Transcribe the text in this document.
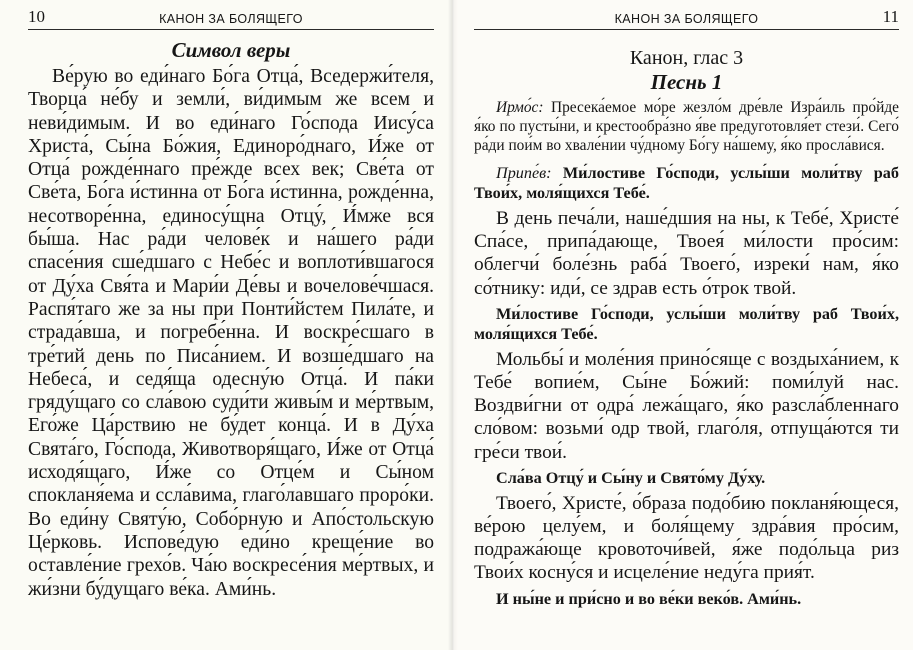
10	КАНОН ЗА БОЛЯЩЕГО
Символ веры

Ве́рую во еди́наго Бо́га Отца́, Вседержи́теля, Творца́ не́бу и земли́, ви́димым же всем и неви́димым. И во еди́наго Го́спода Иису́са Христа́, Сы́на Бо́жия, Единоро́днаго, И́же от Отца́ рожде́ннаго пре́жде всех век; Све́та от Све́та, Бо́га и́стинна от Бо́га и́стинна, рожде́нна, несотворе́нна, единосу́щна Отцу́, И́мже вся бы́ша. Нас ра́ди челове́к и на́шего ра́ди спасе́ния сше́дшаго с Небе́с и воплоти́вшагося от Ду́ха Свя́та и Мари́и Де́вы и вочелове́чшася. Распя́таго же за ны при Понти́йстем Пила́те, и страда́вша, и погребе́нна. И воскре́сшаго в тре́тий день по Писа́нием. И возше́дшаго на Небеса́, и седя́ща одесну́ю Отца́. И па́ки гряду́щаго со сла́вою суди́ти живы́м и ме́ртвым, Его́же Ца́рствию не бу́дет конца́. И в Ду́ха Свята́го, Го́спода, Животворя́щаго, И́же от Отца́ исходя́щаго, И́же со Отце́м и Сы́ном спокланя́ема и ссла́вима, глаго́лавшаго проро́ки. Во еди́ну Святу́ю, Собо́рную и Апо́стольскую Це́рковь. Испове́дую еди́но креще́ние во оставле́ние грехо́в. Ча́ю воскресе́ния ме́ртвых, и жи́зни бу́дущаго ве́ка. Ами́нь.

КАНОН ЗА БОЛЯЩЕГО	11
Канон, глас 3
Песнь 1

Ирмо́с: Пресека́емое мо́ре жезло́м дре́вле Изра́иль про́йде я́ко по пусты́ни, и крестообра́зно я́ве предуготовля́ет стези́. Сего́ ра́ди пои́м во хвале́нии чу́дному Бо́гу на́шему, я́ко просла́вися.

Припе́в: Ми́лостиве Го́споди, услы́ши моли́тву раб Твои́х, моля́щихся Тебе́.

В день печа́ли, наше́дшия на ны, к Тебе́, Христе́ Спа́се, припа́дающе, Твоея́ ми́лости про́сим: облегчи́ боле́знь раба́ Твоего́, изреки́ нам, я́ко со́тнику: иди́, се здрав есть о́трок твой.

Ми́лостиве Го́споди, услы́ши моли́тву раб Твои́х, моля́щихся Тебе́.

Мольбы́ и моле́ния прино́сяще с воздыха́нием, к Тебе́ вопие́м, Сы́не Бо́жий: поми́луй нас. Воздви́гни от одра́ лежа́щаго, я́ко разсла́бленнаго сло́вом: возьми́ одр твой, глаго́ля, отпуща́ются ти гре́си твои́.

Сла́ва Отцу́ и Сы́ну и Свято́му Ду́ху.

Твоего́, Христе́, о́браза подо́бию покланя́ющеся, ве́рою целу́ем, и боля́щему здра́вия про́сим, подража́юще кровоточи́вей, я́же подо́льца риз Твои́х косну́ся и исцеле́ние неду́га прия́т.

И ны́не и при́сно и во ве́ки веко́в. Ами́нь.
